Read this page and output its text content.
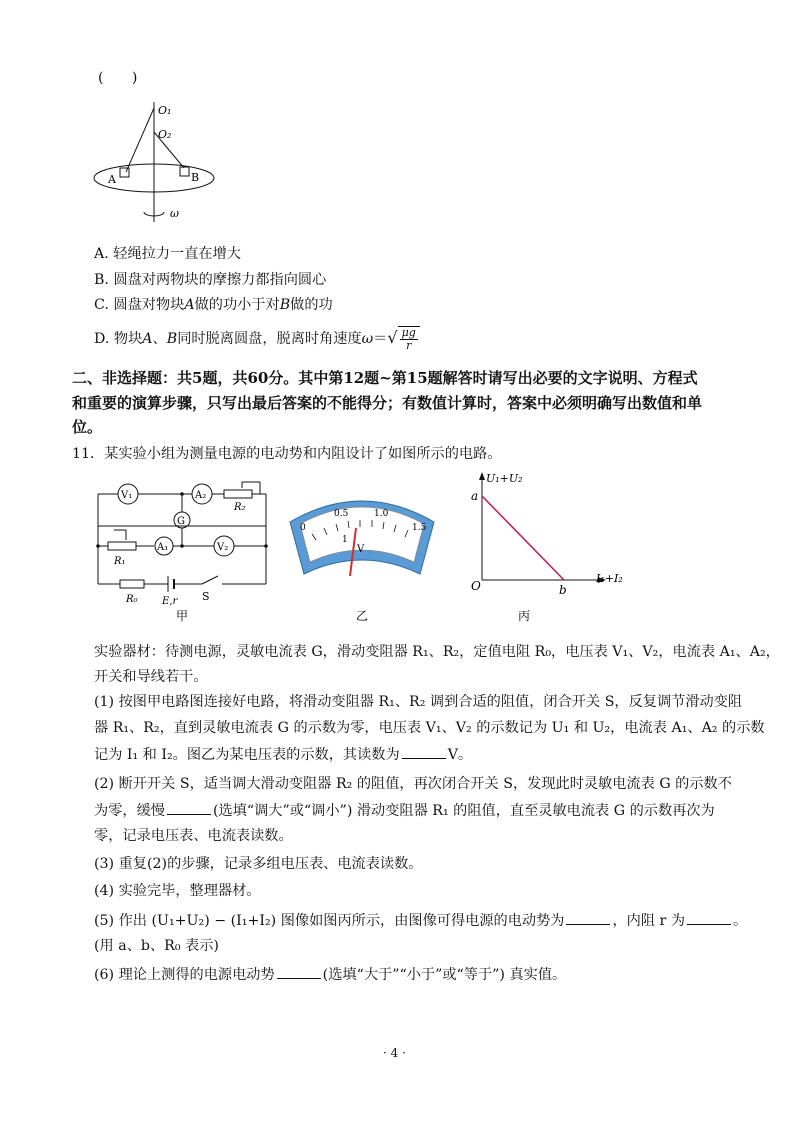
(　　)
O₁
O₂
A	B
ω
A. 轻绳拉力一直在增大
B. 圆盘对两物块的摩擦力都指向圆心
C. 圆盘对物块A做的功小于对B做的功
D. 物块A、B同时脱离圆盘，脱离时角速度$\omega=√ \frac{\mu g}{r}$
二、非选择题：共5题，共60分。其中第12题~第15题解答时请写出必要的文字说明、方程式
和重要的演算步骤，只写出最后答案的不能得分；有数值计算时，答案中必须明确写出数值和单
位。
11．某实验小组为测量电源的电动势和内阻设计了如图所示的电路。
V₁	A₂
R₂
G
R₁
A₁	V₂
R₀ E,r S
甲
0
0.5	1.0
1.5
1
V
乙
U₁+U₂
I₁+I₂
a
b
O
丙
实验器材：待测电源，灵敏电流表 G，滑动变阻器 R₁、R₂，定值电阻 R₀，电压表 V₁、V₂，电流表 A₁、A₂，
开关和导线若干。
(1) 按图甲电路图连接好电路，将滑动变阻器 R₁、R₂ 调到合适的阻值，闭合开关 S，反复调节滑动变阻
器 R₁、R₂，直到灵敏电流表 G 的示数为零，电压表 V₁、V₂ 的示数记为 U₁ 和 U₂，电流表 A₁、A₂ 的示数
记为 I₁ 和 I₂。图乙为某电压表的示数，其读数为	V。
(2) 断开开关 S，适当调大滑动变阻器 R₂ 的阻值，再次闭合开关 S，发现此时灵敏电流表 G 的示数不
为零，缓慢	(选填“调大”或“调小”) 滑动变阻器 R₁ 的阻值，直至灵敏电流表 G 的示数再次为
零，记录电压表、电流表读数。
(3) 重复(2)的步骤，记录多组电压表、电流表读数。
(4) 实验完毕，整理器材。
(5) 作出 (U₁+U₂) − (I₁+I₂) 图像如图丙所示，由图像可得电源的电动势为	，内阻 r 为	。
(用 a、b、R₀ 表示)
(6) 理论上测得的电源电动势	(选填“大于”“小于”或“等于”) 真实值。
· 4 ·
